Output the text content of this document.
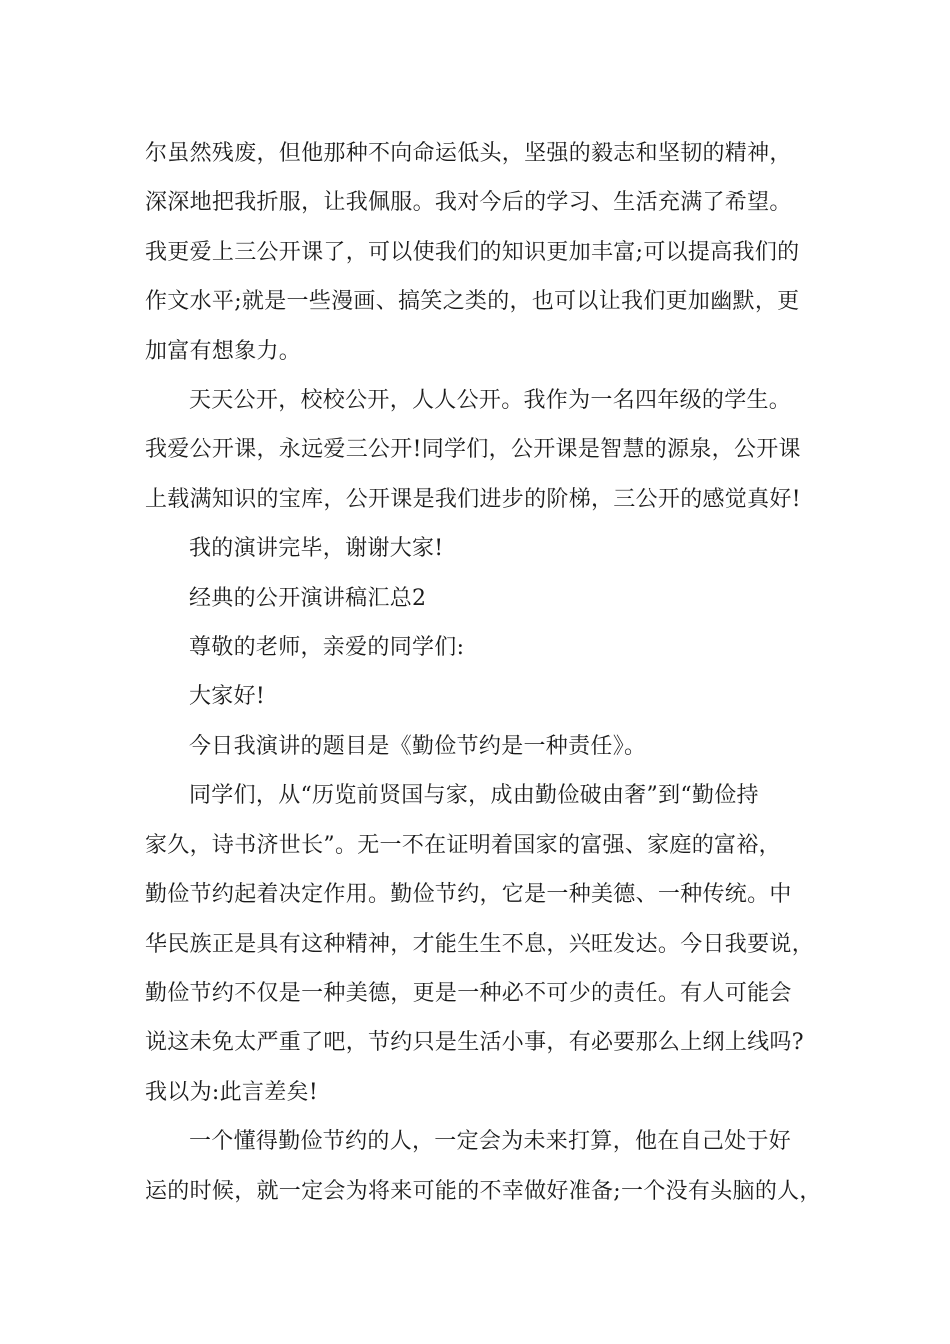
尔虽然残废，但他那种不向命运低头，坚强的毅志和坚韧的精神，
深深地把我折服，让我佩服。我对今后的学习、生活充满了希望。
我更爱上三公开课了，可以使我们的知识更加丰富;可以提高我们的
作文水平;就是一些漫画、搞笑之类的，也可以让我们更加幽默，更
加富有想象力。

天天公开，校校公开，人人公开。我作为一名四年级的学生。
我爱公开课，永远爱三公开!同学们，公开课是智慧的源泉，公开课
上载满知识的宝库，公开课是我们进步的阶梯，三公开的感觉真好!

我的演讲完毕，谢谢大家!

经典的公开演讲稿汇总2

尊敬的老师，亲爱的同学们:

大家好!

今日我演讲的题目是《勤俭节约是一种责任》。

同学们，从“历览前贤国与家，成由勤俭破由奢”到“勤俭持
家久，诗书济世长”。无一不在证明着国家的富强、家庭的富裕，
勤俭节约起着决定作用。勤俭节约，它是一种美德、一种传统。中
华民族正是具有这种精神，才能生生不息，兴旺发达。今日我要说，
勤俭节约不仅是一种美德，更是一种必不可少的责任。有人可能会
说这未免太严重了吧，节约只是生活小事，有必要那么上纲上线吗?
我以为:此言差矣!

一个懂得勤俭节约的人，一定会为未来打算，他在自己处于好
运的时候，就一定会为将来可能的不幸做好准备;一个没有头脑的人，
